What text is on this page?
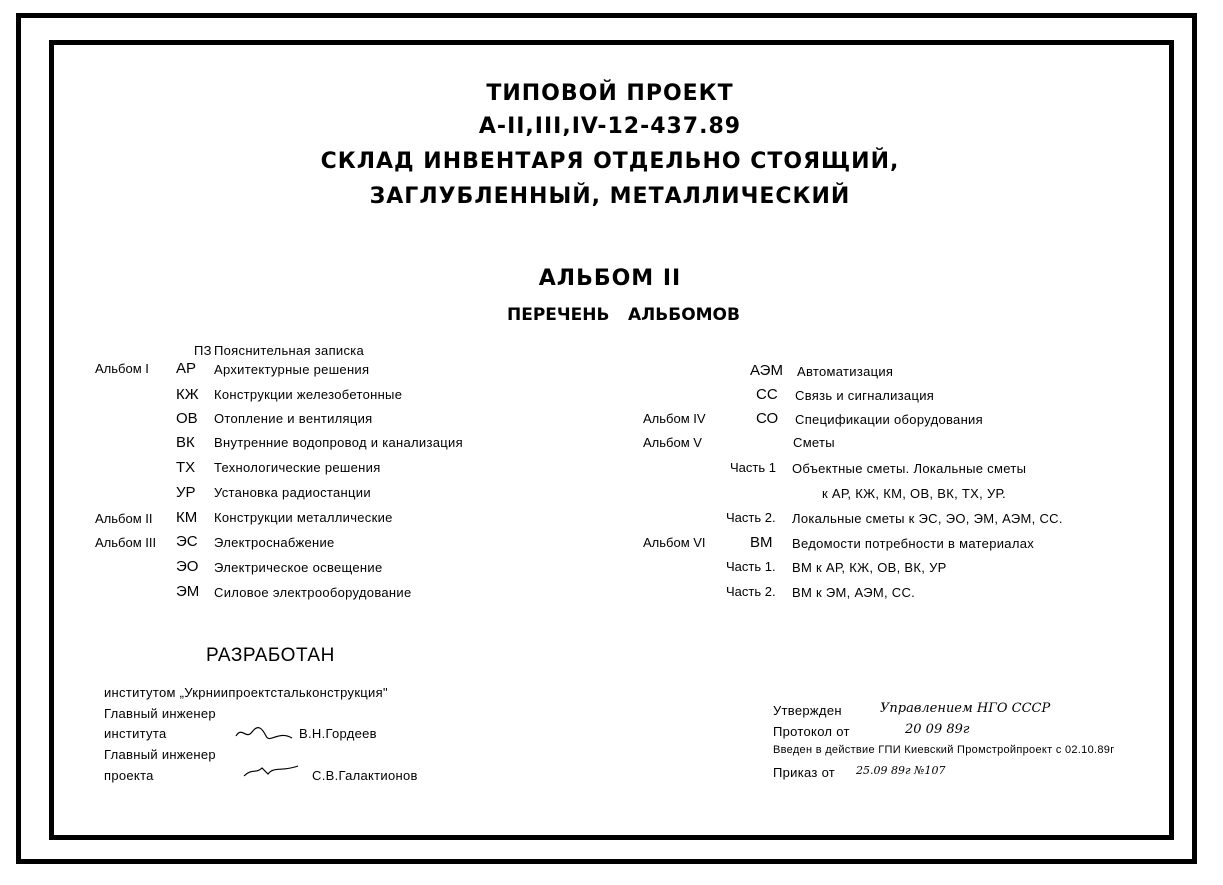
ТИПОВОЙ ПРОЕКТ
А-II,III,IV-12-437.89
СКЛАД ИНВЕНТАРЯ ОТДЕЛЬНО СТОЯЩИЙ,
ЗАГЛУБЛЕННЫЙ, МЕТАЛЛИЧЕСКИЙ
АЛЬБОМ II
ПЕРЕЧЕНЬ АЛЬБОМОВ
ПЗ Пояснительная записка
Альбом I АР Архитектурные решения
КЖ Конструкции железобетонные
ОВ Отопление и вентиляция
ВК Внутренние водопровод и канализация
ТХ Технологические решения
УР Установка радиостанции
Альбом II КМ Конструкции металлические
Альбом III ЭС Электроснабжение
ЭО Электрическое освещение
ЭМ Силовое электрооборудование
АЭМ Автоматизация
СС Связь и сигнализация
Альбом IV	СО Спецификации оборудования
Альбом V	Сметы
Часть 1 Объектные сметы. Локальные сметы
к АР, КЖ, КМ, ОВ, ВК, ТХ, УР.
Часть 2. Локальные сметы к ЭС, ЭО, ЭМ, АЭМ, СС.
Альбом VI	ВМ Ведомости потребности в материалах
Часть 1. ВМ к АР, КЖ, ОВ, ВК, УР
Часть 2. ВМ к ЭМ, АЭМ, СС.
РАЗРАБОТАН
институтом „Укрниипроектстальконструкция"
Главный инженер
института	В.Н.Гордеев
Главный инженер
проекта	С.В.Галактионов
Утвержден	Управлением НГО СССР
Протокол от	20 09 89г
Введен в действие ГПИ Киевский Промстройпроект с 02.10.89г
Приказ от 25.09 89г №107
